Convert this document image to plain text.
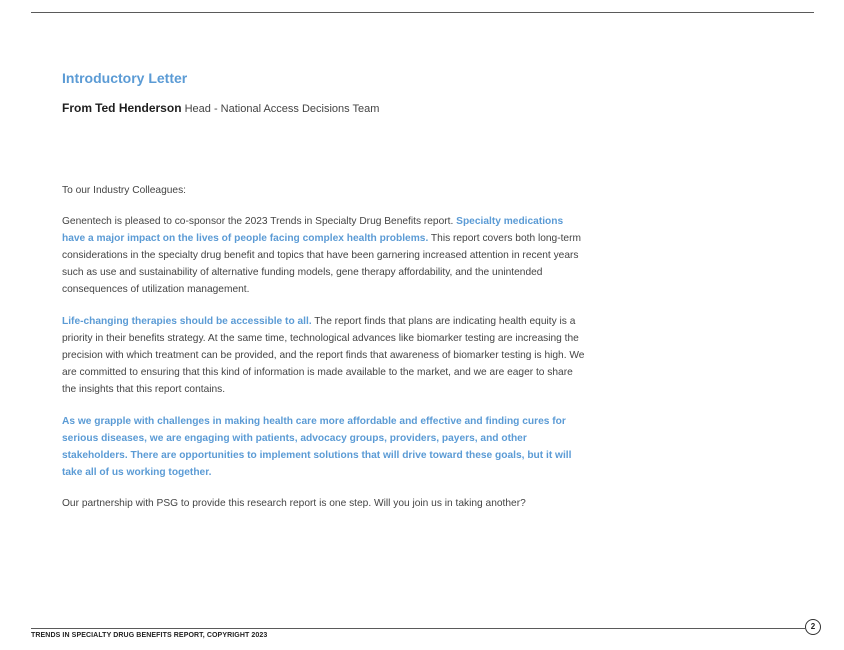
Introductory Letter
From Ted Henderson Head - National Access Decisions Team

To our Industry Colleagues:

Genentech is pleased to co-sponsor the 2023 Trends in Specialty Drug Benefits report. Specialty medications have a major impact on the lives of people facing complex health problems. This report covers both long-term considerations in the specialty drug benefit and topics that have been garnering increased attention in recent years such as use and sustainability of alternative funding models, gene therapy affordability, and the unintended consequences of utilization management.

Life-changing therapies should be accessible to all. The report finds that plans are indicating health equity is a priority in their benefits strategy. At the same time, technological advances like biomarker testing are increasing the precision with which treatment can be provided, and the report finds that awareness of biomarker testing is high. We are committed to ensuring that this kind of information is made available to the market, and we are eager to share the insights that this report contains.

As we grapple with challenges in making health care more affordable and effective and finding cures for serious diseases, we are engaging with patients, advocacy groups, providers, payers, and other stakeholders. There are opportunities to implement solutions that will drive toward these goals, but it will take all of us working together.

Our partnership with PSG to provide this research report is one step. Will you join us in taking another?

TRENDS IN SPECIALTY DRUG BENEFITS REPORT, COPYRIGHT 2023
2
